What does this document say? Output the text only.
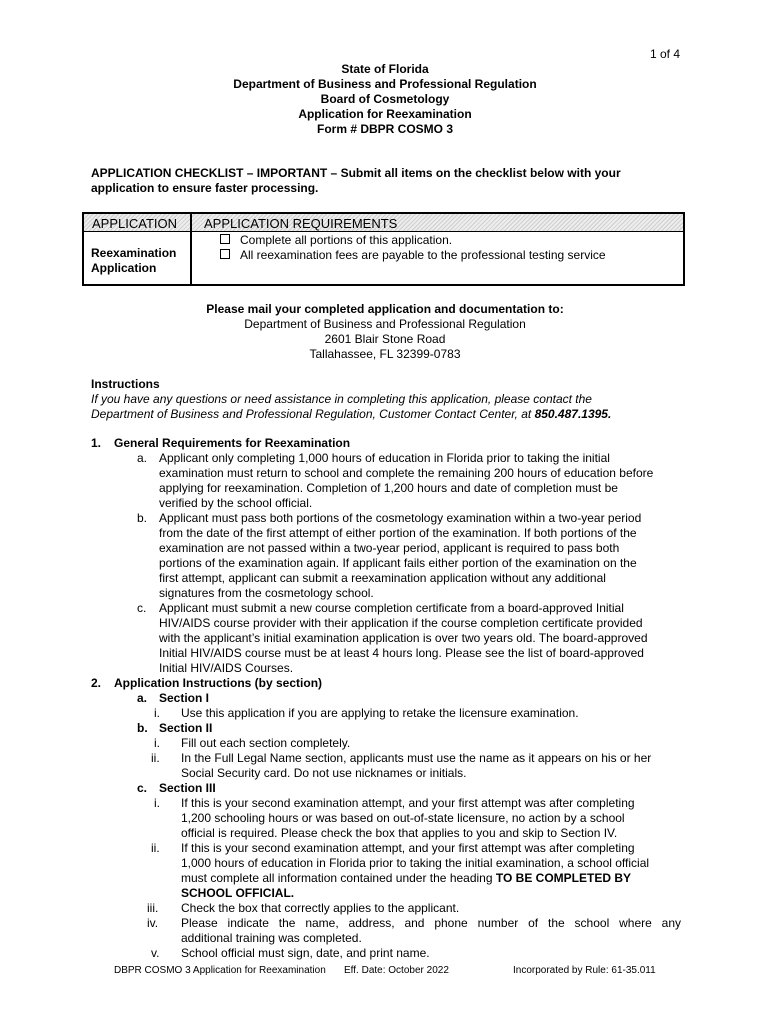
1 of 4
State of Florida
Department of Business and Professional Regulation
Board of Cosmetology
Application for Reexamination
Form # DBPR COSMO 3
APPLICATION CHECKLIST – IMPORTANT – Submit all items on the checklist below with your application to ensure faster processing.
APPLICATION APPLICATION REQUIREMENTS
Reexamination
Application
Complete all portions of this application.
All reexamination fees are payable to the professional testing service
Please mail your completed application and documentation to:
Department of Business and Professional Regulation
2601 Blair Stone Road
Tallahassee, FL 32399-0783
Instructions
If you have any questions or need assistance in completing this application, please contact the
Department of Business and Professional Regulation, Customer Contact Center, at 850.487.1395.
1. General Requirements for Reexamination
a. Applicant only completing 1,000 hours of education in Florida prior to taking the initial
examination must return to school and complete the remaining 200 hours of education before
applying for reexamination. Completion of 1,200 hours and date of completion must be
verified by the school official.
b. Applicant must pass both portions of the cosmetology examination within a two-year period
from the date of the first attempt of either portion of the examination. If both portions of the
examination are not passed within a two-year period, applicant is required to pass both
portions of the examination again. If applicant fails either portion of the examination on the
first attempt, applicant can submit a reexamination application without any additional
signatures from the cosmetology school.
c. Applicant must submit a new course completion certificate from a board-approved Initial
HIV/AIDS course provider with their application if the course completion certificate provided
with the applicant’s initial examination application is over two years old. The board-approved
Initial HIV/AIDS course must be at least 4 hours long. Please see the list of board-approved
Initial HIV/AIDS Courses.
2. Application Instructions (by section)
a. Section I
i. Use this application if you are applying to retake the licensure examination.
b. Section II
i. Fill out each section completely.
ii. In the Full Legal Name section, applicants must use the name as it appears on his or her
Social Security card. Do not use nicknames or initials.
c. Section III
i. If this is your second examination attempt, and your first attempt was after completing
1,200 schooling hours or was based on out-of-state licensure, no action by a school
official is required. Please check the box that applies to you and skip to Section IV.
ii. If this is your second examination attempt, and your first attempt was after completing
1,000 hours of education in Florida prior to taking the initial examination, a school official
must complete all information contained under the heading TO BE COMPLETED BY
SCHOOL OFFICIAL.
iii. Check the box that correctly applies to the applicant.
iv. Please indicate the name, address, and phone number of the school where any
additional training was completed.
v. School official must sign, date, and print name.
DBPR COSMO 3 Application for Reexamination Eff. Date: October 2022	Incorporated by Rule: 61-35.011
